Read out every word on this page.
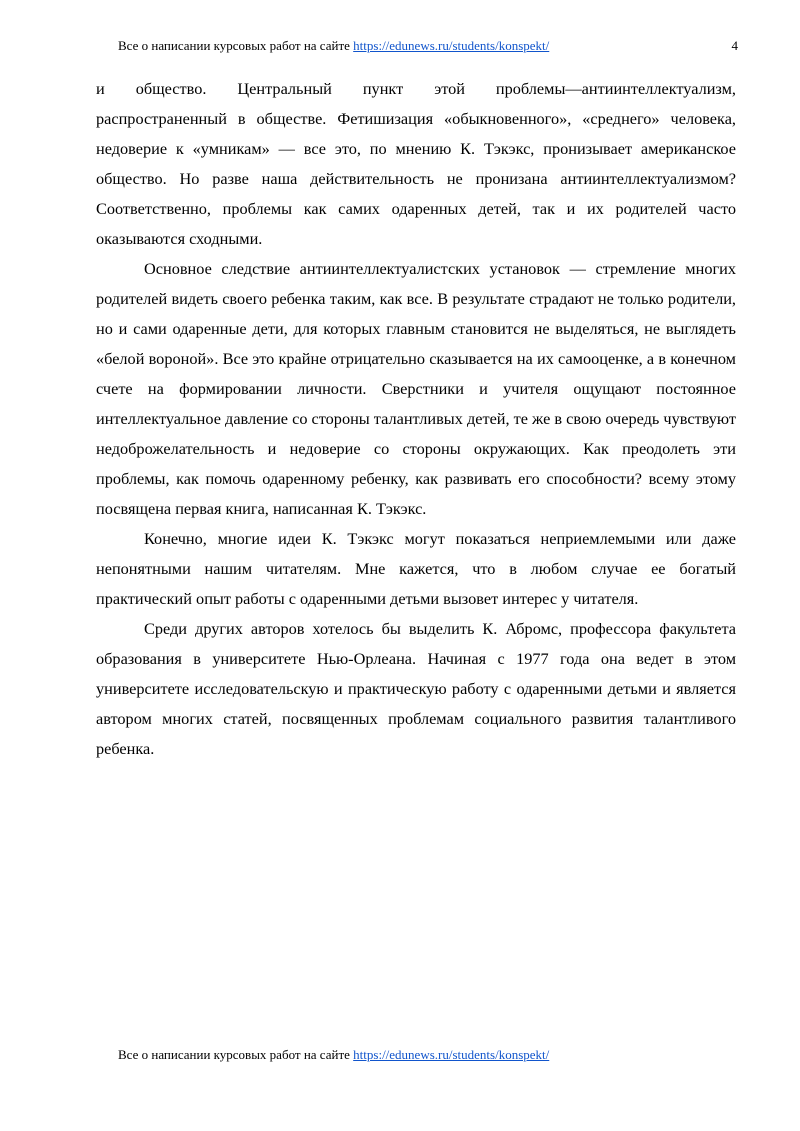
Все о написании курсовых работ на сайте https://edunews.ru/students/konspekt/	4

и общество. Центральный пункт этой проблемы—антиинтеллектуализм, распространенный в обществе. Фетишизация «обыкновенного», «среднего» человека, недоверие к «умникам» — все это, по мнению К. Тэкэкс, пронизывает американское общество. Но разве наша действительность не пронизана антиинтеллектуализмом? Соответственно, проблемы как самих одаренных детей, так и их родителей часто оказываются сходными.

Основное следствие антиинтеллектуалистских установок — стремление многих родителей видеть своего ребенка таким, как все. В результате страдают не только родители, но и сами одаренные дети, для которых главным становится не выделяться, не выглядеть «белой вороной». Все это крайне отрицательно сказывается на их самооценке, а в конечном счете на формировании личности. Сверстники и учителя ощущают постоянное интеллектуальное давление со стороны талантливых детей, те же в свою очередь чувствуют недоброжелательность и недоверие со стороны окружающих. Как преодолеть эти проблемы, как помочь одаренному ребенку, как развивать его способности? всему этому посвящена первая книга, написанная К. Тэкэкс.

Конечно, многие идеи К. Тэкэкс могут показаться неприемлемыми или даже непонятными нашим читателям. Мне кажется, что в любом случае ее богатый практический опыт работы с одаренными детьми вызовет интерес у читателя.

Среди других авторов хотелось бы выделить К. Абромс, профессора факультета образования в университете Нью-Орлеана. Начиная с 1977 года она ведет в этом университете исследовательскую и практическую работу с одаренными детьми и является автором многих статей, посвященных проблемам социального развития талантливого ребенка.

Все о написании курсовых работ на сайте https://edunews.ru/students/konspekt/
